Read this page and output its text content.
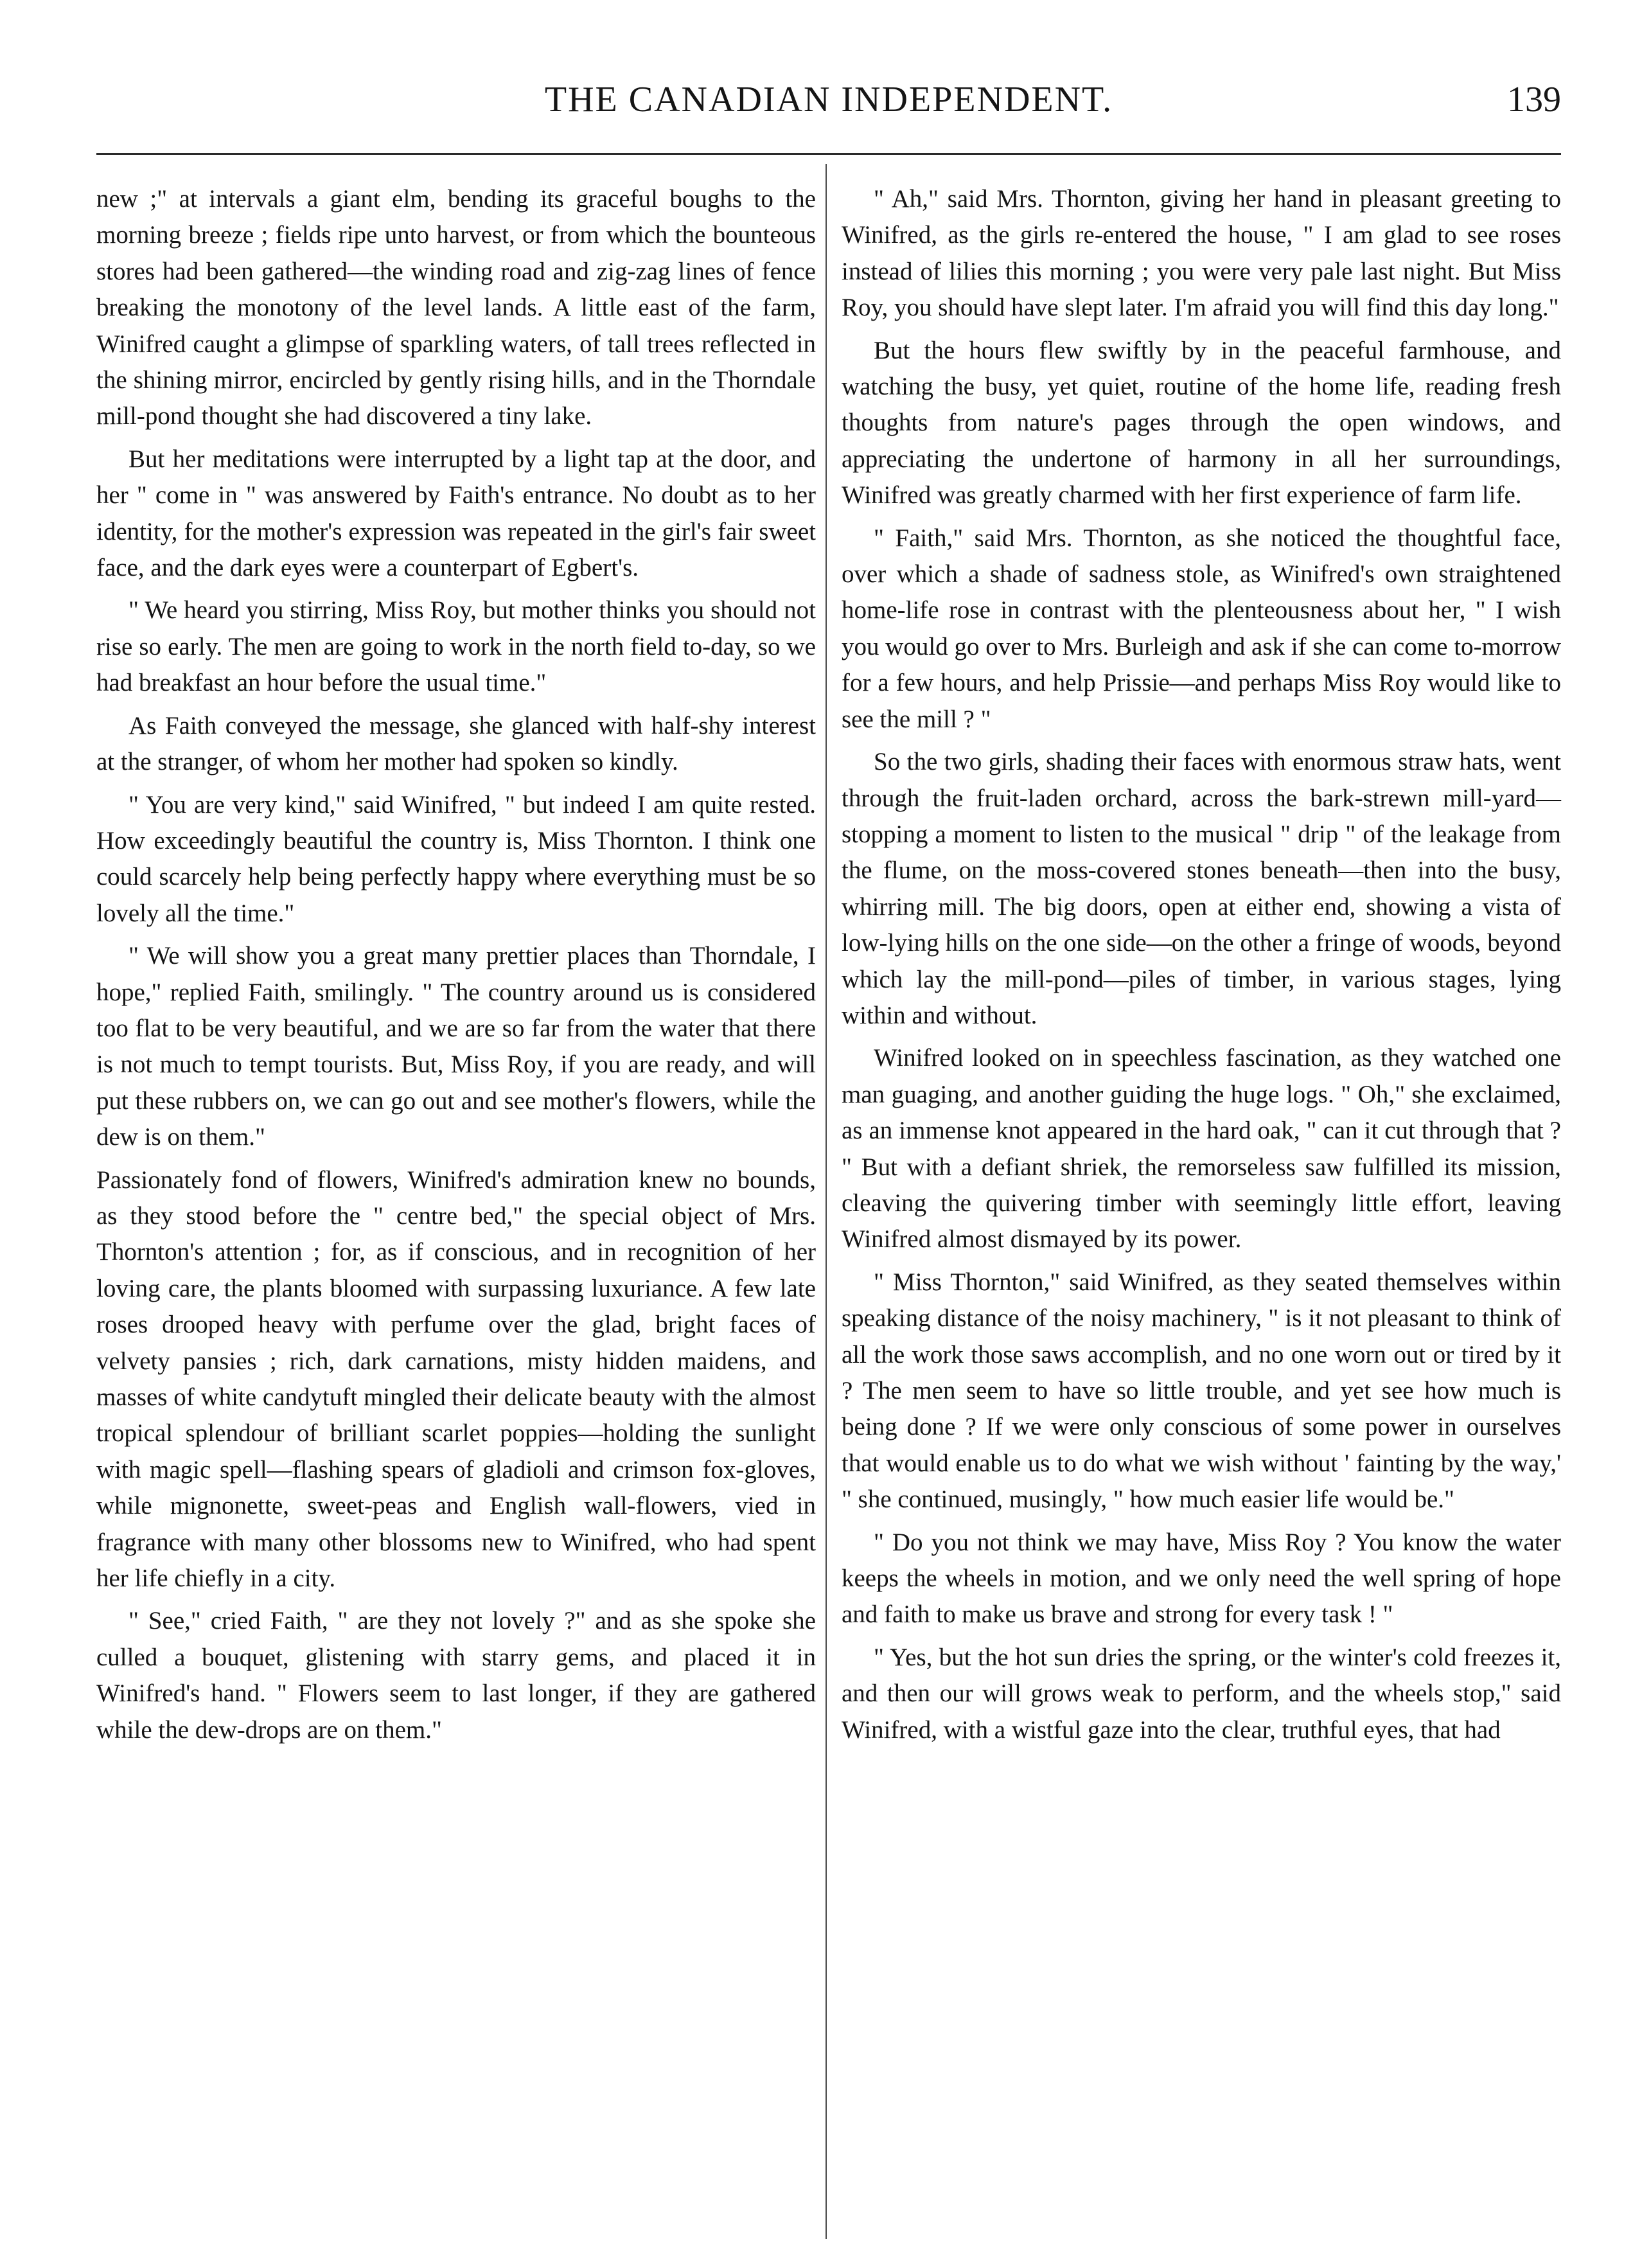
THE CANADIAN INDEPENDENT.	139

new ;" at intervals a giant elm, bending its graceful boughs to the morning breeze ; fields ripe unto harvest, or from which the bounteous stores had been gathered—the winding road and zig-zag lines of fence breaking the monotony of the level lands. A little east of the farm, Winifred caught a glimpse of sparkling waters, of tall trees reflected in the shining mirror, encircled by gently rising hills, and in the Thorndale mill-pond thought she had discovered a tiny lake.

But her meditations were interrupted by a light tap at the door, and her " come in " was answered by Faith's entrance. No doubt as to her identity, for the mother's expression was repeated in the girl's fair sweet face, and the dark eyes were a counterpart of Egbert's.

" We heard you stirring, Miss Roy, but mother thinks you should not rise so early. The men are going to work in the north field to-day, so we had breakfast an hour before the usual time."

As Faith conveyed the message, she glanced with half-shy interest at the stranger, of whom her mother had spoken so kindly.

" You are very kind," said Winifred, " but indeed I am quite rested. How exceedingly beautiful the country is, Miss Thornton. I think one could scarcely help being perfectly happy where everything must be so lovely all the time."

" We will show you a great many prettier places than Thorndale, I hope," replied Faith, smilingly. " The country around us is considered too flat to be very beautiful, and we are so far from the water that there is not much to tempt tourists. But, Miss Roy, if you are ready, and will put these rubbers on, we can go out and see mother's flowers, while the dew is on them."

Passionately fond of flowers, Winifred's admiration knew no bounds, as they stood before the " centre bed," the special object of Mrs. Thornton's attention ; for, as if conscious, and in recognition of her loving care, the plants bloomed with surpassing luxuriance. A few late roses drooped heavy with perfume over the glad, bright faces of velvety pansies ; rich, dark carnations, misty hidden maidens, and masses of white candytuft mingled their delicate beauty with the almost tropical splendour of brilliant scarlet poppies—holding the sunlight with magic spell—flashing spears of gladioli and crimson fox-gloves, while mignonette, sweet-peas and English wall-flowers, vied in fragrance with many other blossoms new to Winifred, who had spent her life chiefly in a city.

" See," cried Faith, " are they not lovely ?" and as she spoke she culled a bouquet, glistening with starry gems, and placed it in Winifred's hand. " Flowers seem to last longer, if they are gathered while the dew-drops are on them."

" Ah," said Mrs. Thornton, giving her hand in pleasant greeting to Winifred, as the girls re-entered the house, " I am glad to see roses instead of lilies this morning ; you were very pale last night. But Miss Roy, you should have slept later. I'm afraid you will find this day long."

But the hours flew swiftly by in the peaceful farmhouse, and watching the busy, yet quiet, routine of the home life, reading fresh thoughts from nature's pages through the open windows, and appreciating the undertone of harmony in all her surroundings, Winifred was greatly charmed with her first experience of farm life.

" Faith," said Mrs. Thornton, as she noticed the thoughtful face, over which a shade of sadness stole, as Winifred's own straightened home-life rose in contrast with the plenteousness about her, " I wish you would go over to Mrs. Burleigh and ask if she can come to-morrow for a few hours, and help Prissie—and perhaps Miss Roy would like to see the mill ? "

So the two girls, shading their faces with enormous straw hats, went through the fruit-laden orchard, across the bark-strewn mill-yard—stopping a moment to listen to the musical " drip " of the leakage from the flume, on the moss-covered stones beneath—then into the busy, whirring mill. The big doors, open at either end, showing a vista of low-lying hills on the one side—on the other a fringe of woods, beyond which lay the mill-pond—piles of timber, in various stages, lying within and without.

Winifred looked on in speechless fascination, as they watched one man guaging, and another guiding the huge logs. " Oh," she exclaimed, as an immense knot appeared in the hard oak, " can it cut through that ? " But with a defiant shriek, the remorseless saw fulfilled its mission, cleaving the quivering timber with seemingly little effort, leaving Winifred almost dismayed by its power.

" Miss Thornton," said Winifred, as they seated themselves within speaking distance of the noisy machinery, " is it not pleasant to think of all the work those saws accomplish, and no one worn out or tired by it ? The men seem to have so little trouble, and yet see how much is being done ? If we were only conscious of some power in ourselves that would enable us to do what we wish without ' fainting by the way,' " she continued, musingly, " how much easier life would be."

" Do you not think we may have, Miss Roy ? You know the water keeps the wheels in motion, and we only need the well spring of hope and faith to make us brave and strong for every task ! "

" Yes, but the hot sun dries the spring, or the winter's cold freezes it, and then our will grows weak to perform, and the wheels stop," said Winifred, with a wistful gaze into the clear, truthful eyes, that had
